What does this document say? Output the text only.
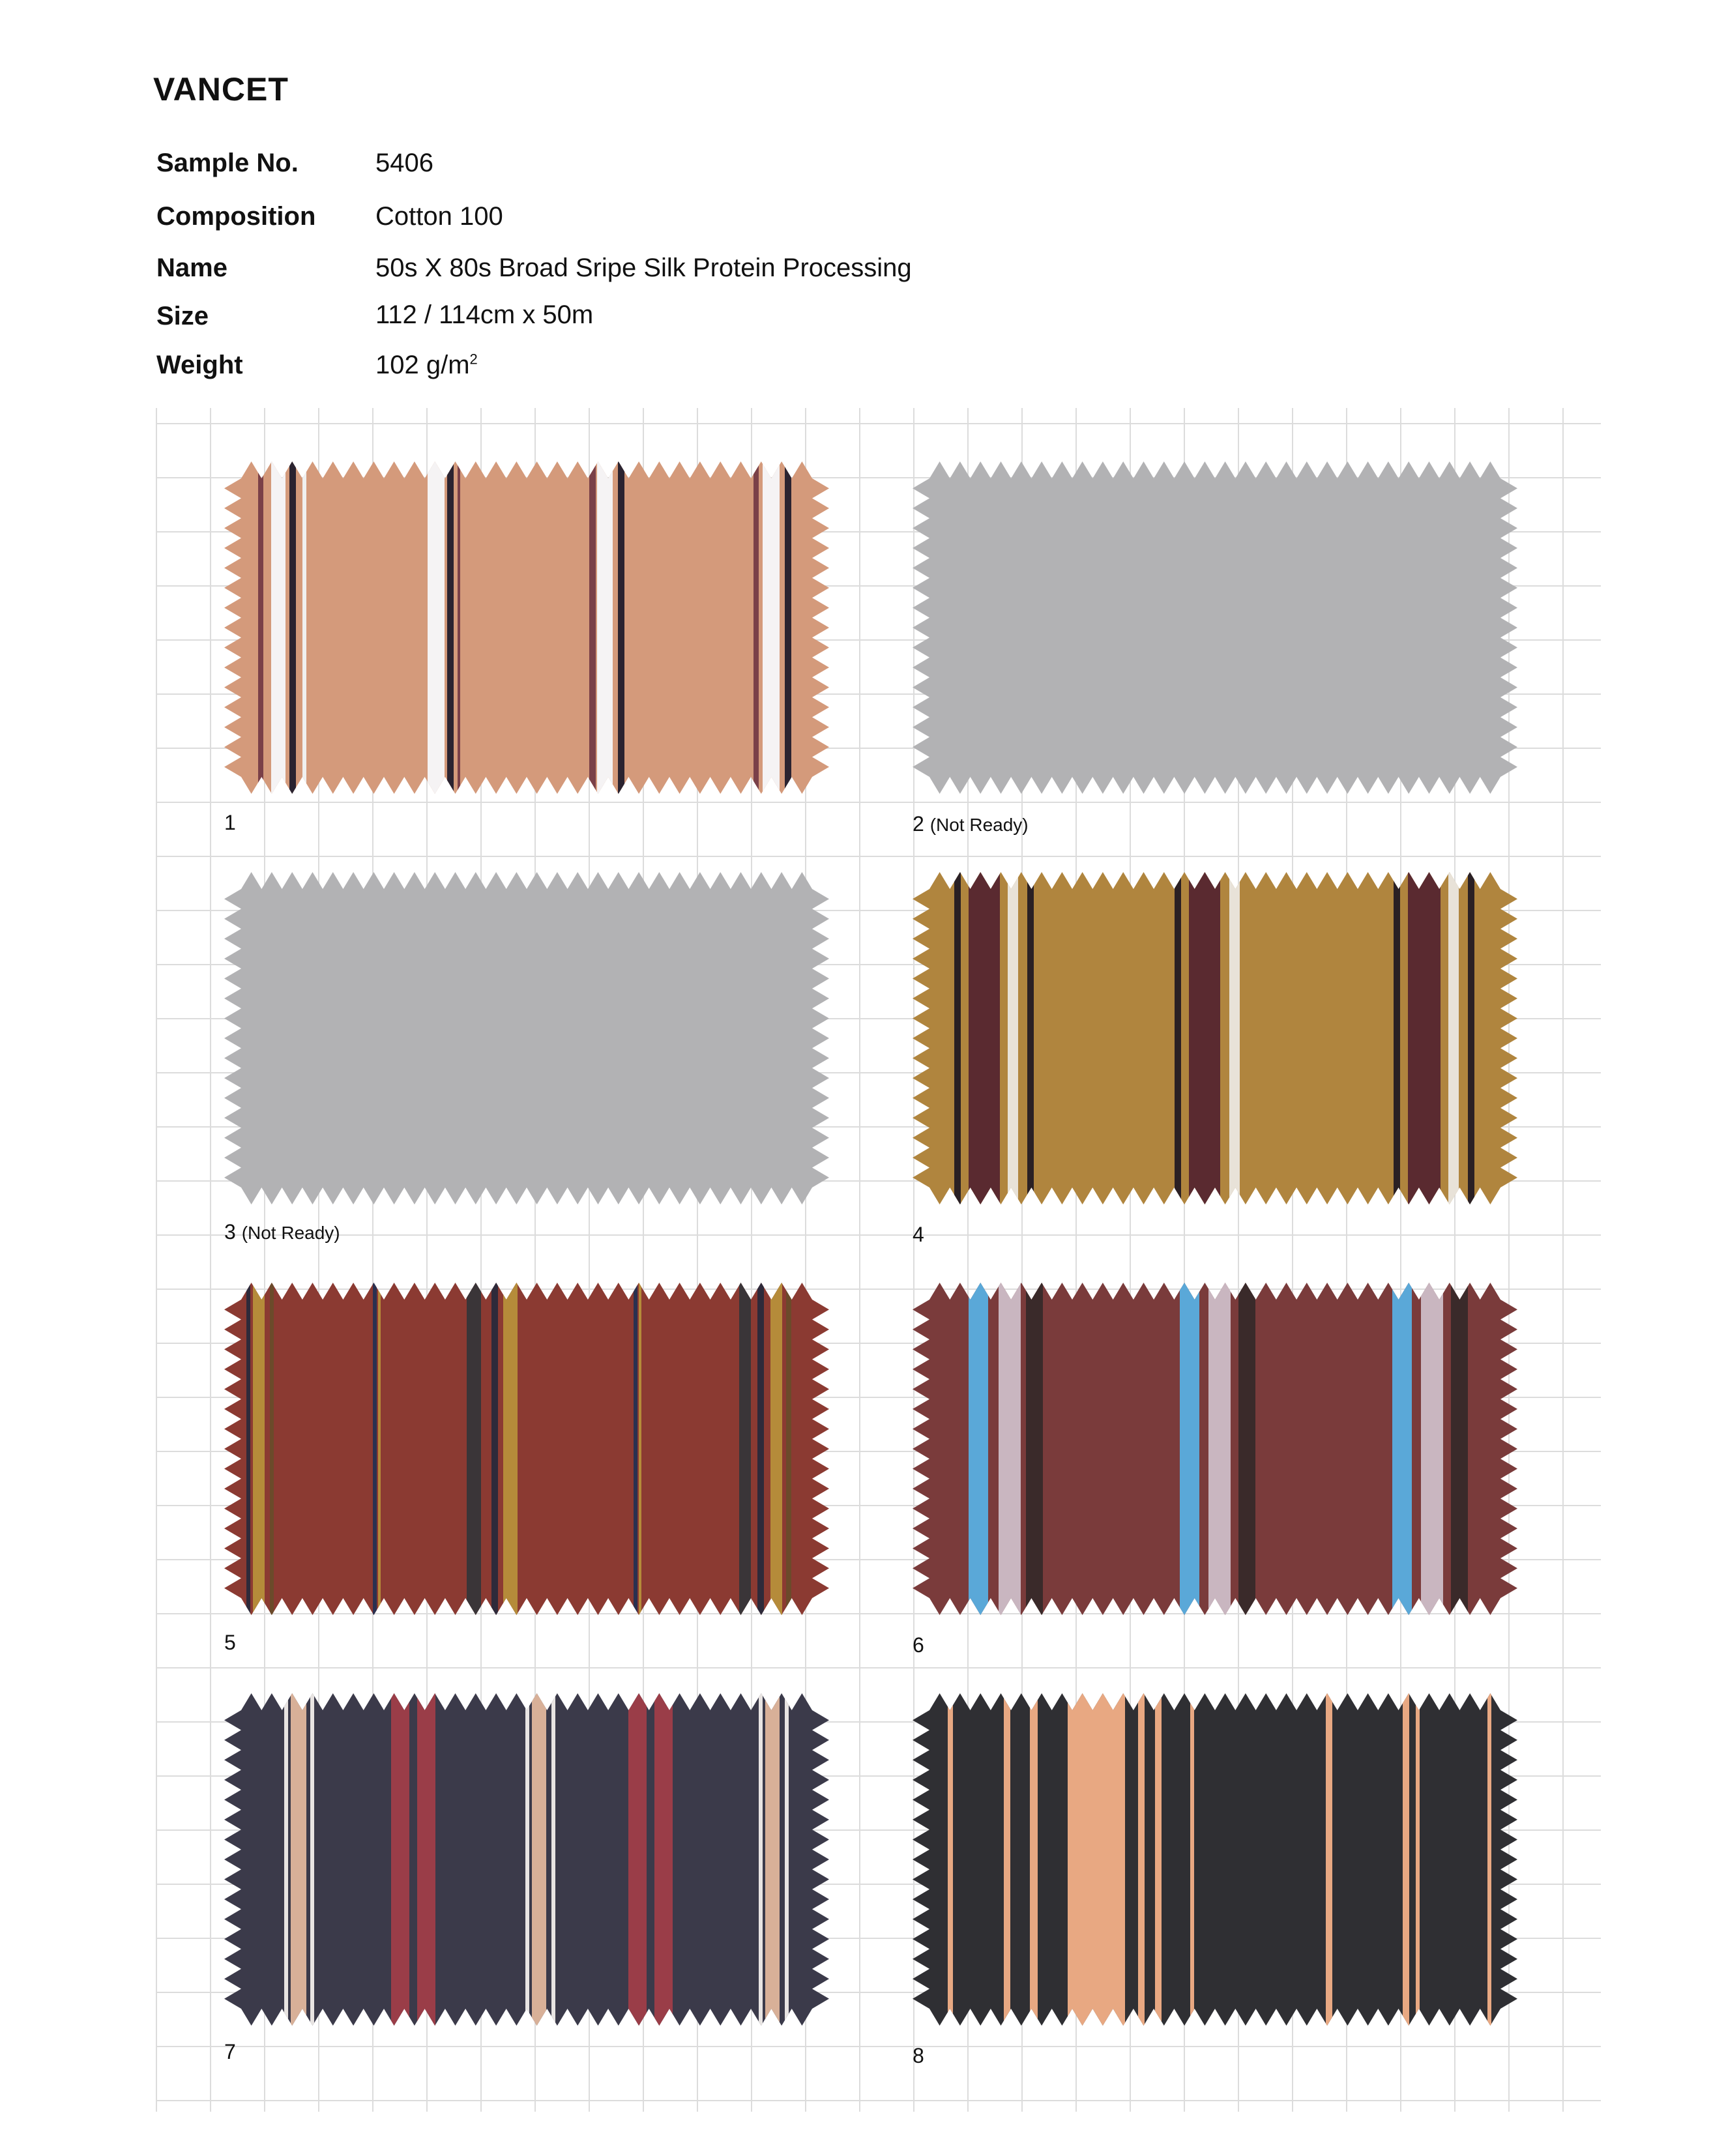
VANCET
Sample No.	5406
Composition Cotton 100
Name	50s X 80s Broad Sripe Silk Protein Processing
Size	112 / 114cm x 50m
Weight	102 $g/m^2$
1	2 (Not Ready)
3 (Not Ready)	4
5	6
7	8
